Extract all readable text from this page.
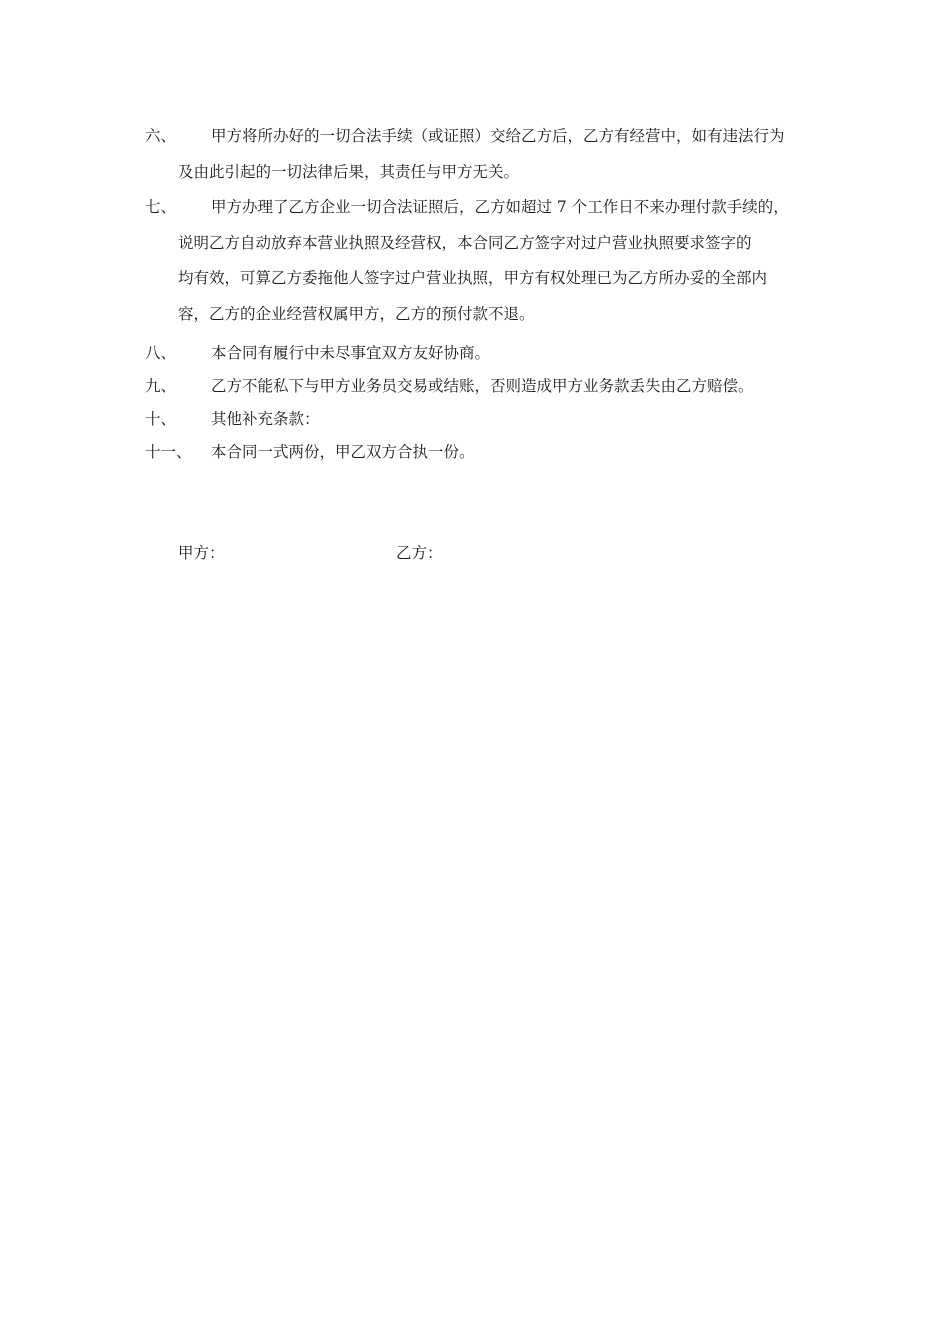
六、	甲方将所办好的一切合法手续（或证照）交给乙方后，乙方有经营中，如有违法行为
及由此引起的一切法律后果，其责任与甲方无关。
七、	甲方办理了乙方企业一切合法证照后，乙方如超过 7 个工作日不来办理付款手续的，
说明乙方自动放弃本营业执照及经营权，本合同乙方签字对过户营业执照要求签字的
均有效，可算乙方委拖他人签字过户营业执照，甲方有权处理已为乙方所办妥的全部内
容，乙方的企业经营权属甲方，乙方的预付款不退。
八、	本合同有履行中未尽事宜双方友好协商。
九、	乙方不能私下与甲方业务员交易或结账，否则造成甲方业务款丢失由乙方赔偿。
十、	其他补充条款：
十一、	本合同一式两份，甲乙双方合执一份。
甲方：	乙方：
